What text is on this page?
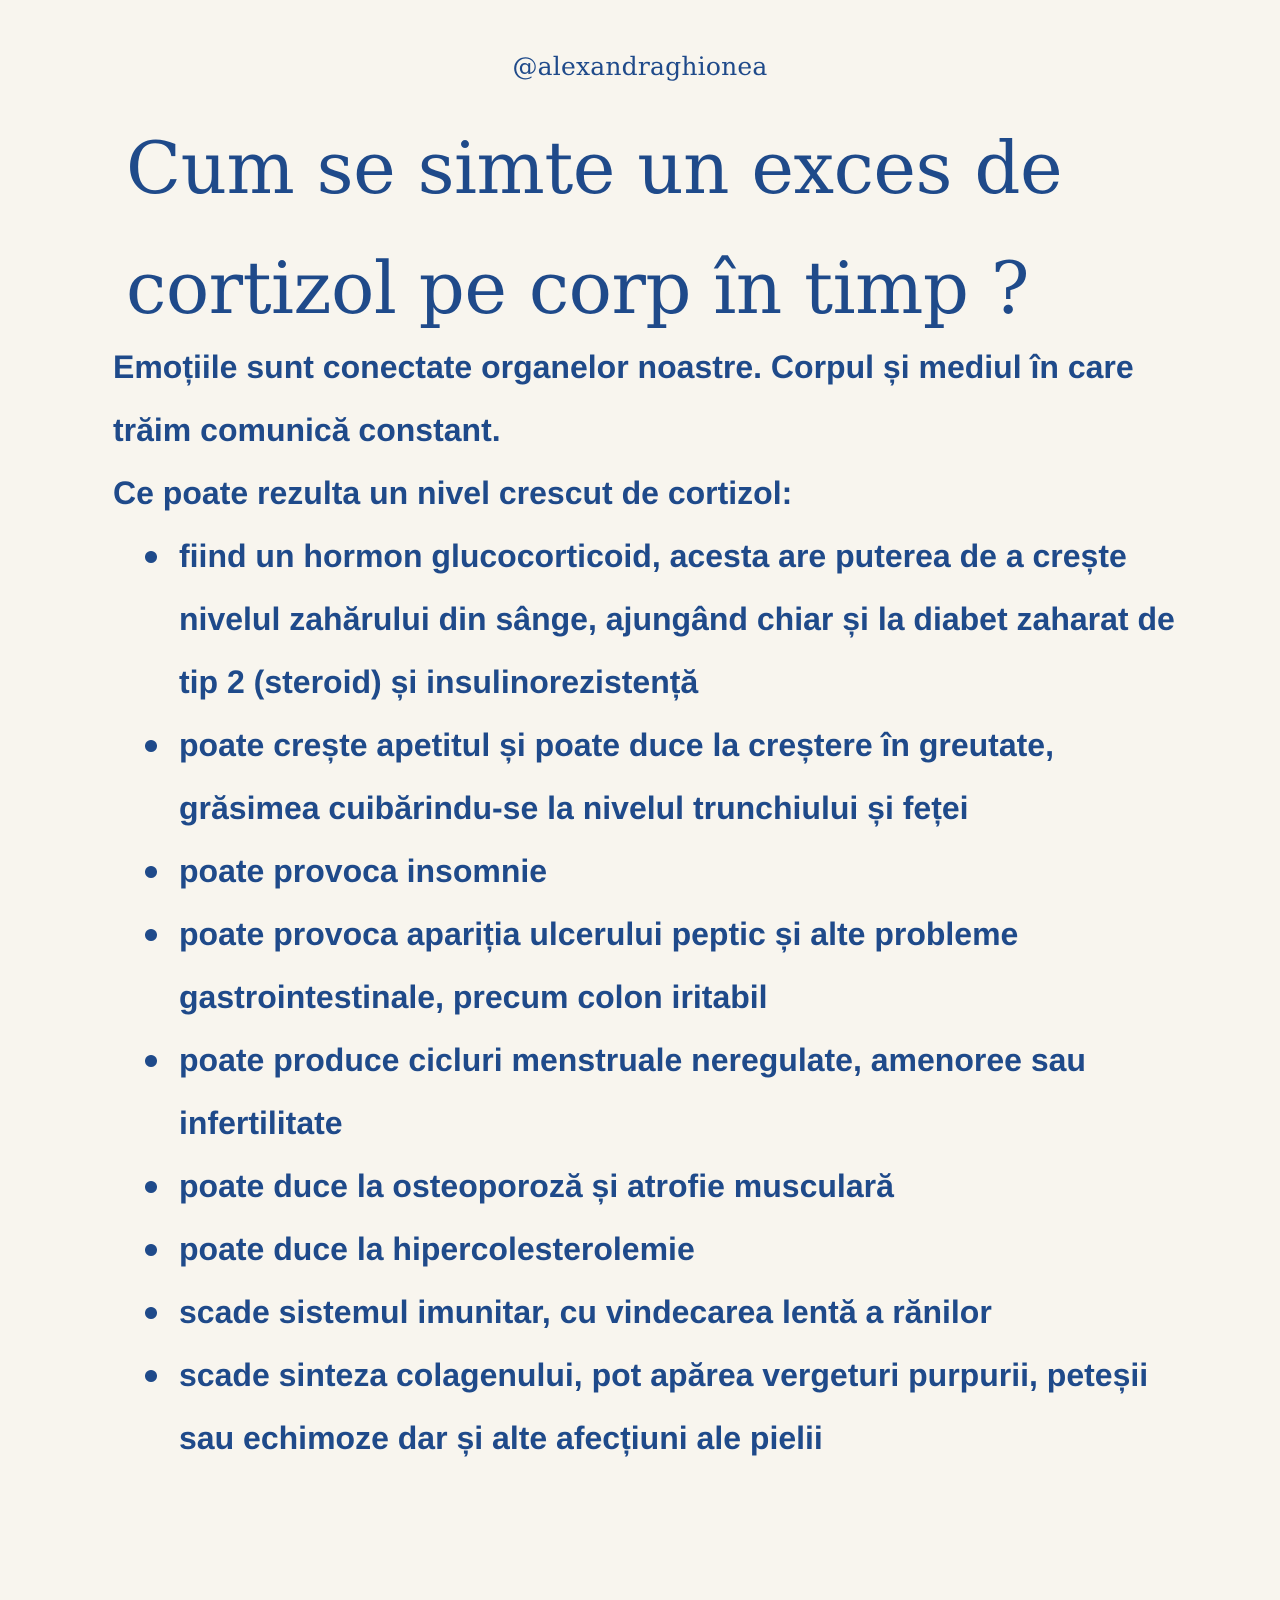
@alexandraghionea
Cum se simte un exces de cortizol pe corp în timp ?

Emoțiile sunt conectate organelor noastre. Corpul și mediul în care trăim comunică constant.

Ce poate rezulta un nivel crescut de cortizol:

fiind un hormon glucocorticoid, acesta are puterea de a crește nivelul zahărului din sânge, ajungând chiar și la diabet zaharat de tip 2 (steroid) și insulinorezistență
poate crește apetitul și poate duce la creștere în greutate, grăsimea cuibărindu-se la nivelul trunchiului și feței
poate provoca insomnie
poate provoca apariția ulcerului peptic și alte probleme gastrointestinale, precum colon iritabil
poate produce cicluri menstruale neregulate, amenoree sau infertilitate
poate duce la osteoporoză și atrofie musculară
poate duce la hipercolesterolemie
scade sistemul imunitar, cu vindecarea lentă a rănilor
scade sinteza colagenului, pot apărea vergeturi purpurii, peteșii sau echimoze dar și alte afecțiuni ale pielii
